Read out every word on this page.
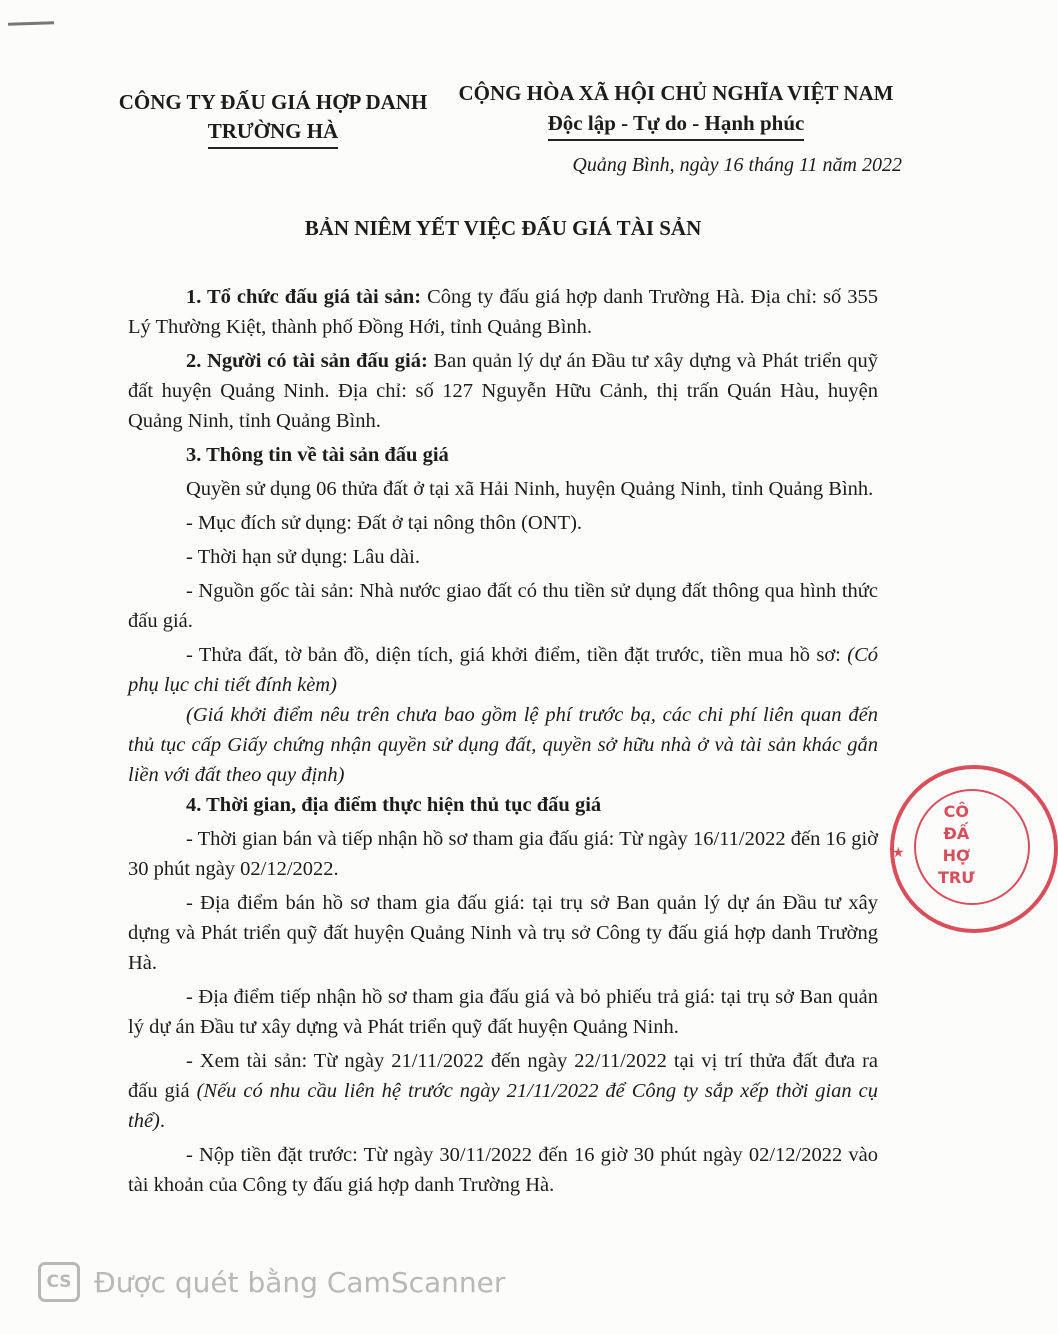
CÔNG TY ĐẤU GIÁ HỢP DANH
TRƯỜNG HÀ
CỘNG HÒA XÃ HỘI CHỦ NGHĨA VIỆT NAM
Độc lập - Tự do - Hạnh phúc
Quảng Bình, ngày 16 tháng 11 năm 2022
BẢN NIÊM YẾT VIỆC ĐẤU GIÁ TÀI SẢN

1. Tổ chức đấu giá tài sản: Công ty đấu giá hợp danh Trường Hà. Địa chỉ: số 355 Lý Thường Kiệt, thành phố Đồng Hới, tỉnh Quảng Bình.

2. Người có tài sản đấu giá: Ban quản lý dự án Đầu tư xây dựng và Phát triển quỹ đất huyện Quảng Ninh. Địa chỉ: số 127 Nguyễn Hữu Cảnh, thị trấn Quán Hàu, huyện Quảng Ninh, tỉnh Quảng Bình.

3. Thông tin về tài sản đấu giá

Quyền sử dụng 06 thửa đất ở tại xã Hải Ninh, huyện Quảng Ninh, tỉnh Quảng Bình.

- Mục đích sử dụng: Đất ở tại nông thôn (ONT).

- Thời hạn sử dụng: Lâu dài.

- Nguồn gốc tài sản: Nhà nước giao đất có thu tiền sử dụng đất thông qua hình thức đấu giá.

- Thửa đất, tờ bản đồ, diện tích, giá khởi điểm, tiền đặt trước, tiền mua hồ sơ: (Có phụ lục chi tiết đính kèm)

(Giá khởi điểm nêu trên chưa bao gồm lệ phí trước bạ, các chi phí liên quan đến thủ tục cấp Giấy chứng nhận quyền sử dụng đất, quyền sở hữu nhà ở và tài sản khác gắn liền với đất theo quy định)

4. Thời gian, địa điểm thực hiện thủ tục đấu giá

- Thời gian bán và tiếp nhận hồ sơ tham gia đấu giá: Từ ngày 16/11/2022 đến 16 giờ 30 phút ngày 02/12/2022.

- Địa điểm bán hồ sơ tham gia đấu giá: tại trụ sở Ban quản lý dự án Đầu tư xây dựng và Phát triển quỹ đất huyện Quảng Ninh và trụ sở Công ty đấu giá hợp danh Trường Hà.

- Địa điểm tiếp nhận hồ sơ tham gia đấu giá và bỏ phiếu trả giá: tại trụ sở Ban quản lý dự án Đầu tư xây dựng và Phát triển quỹ đất huyện Quảng Ninh.

- Xem tài sản: Từ ngày 21/11/2022 đến ngày 22/11/2022 tại vị trí thửa đất đưa ra đấu giá (Nếu có nhu cầu liên hệ trước ngày 21/11/2022 để Công ty sắp xếp thời gian cụ thể).

- Nộp tiền đặt trước: Từ ngày 30/11/2022 đến 16 giờ 30 phút ngày 02/12/2022 vào tài khoản của Công ty đấu giá hợp danh Trường Hà.

★
CÔ
ĐẤ
HỢ
TRƯ
CS Được quét bằng CamScanner
